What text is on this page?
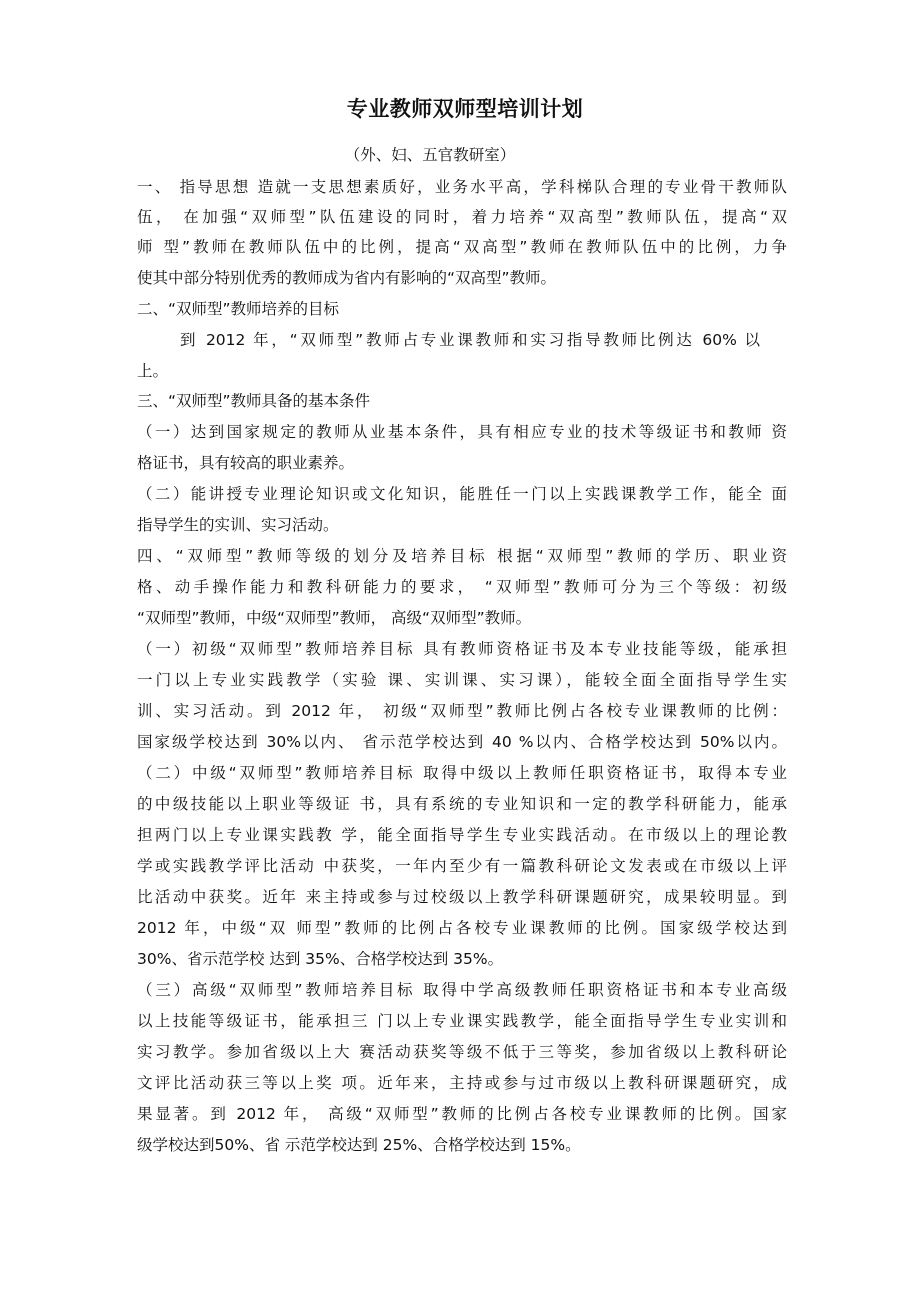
专业教师双师型培训计划
（外、妇、五官教研室）
一、 指导思想 造就一支思想素质好，业务水平高，学科梯队合理的专业骨干教师队
伍， 在加强“双师型”队伍建设的同时，着力培养“双高型”教师队伍，提高“双
师 型”教师在教师队伍中的比例，提高“双高型”教师在教师队伍中的比例，力争
使其中部分特别优秀的教师成为省内有影响的“双高型”教师。
二、“双师型”教师培养的目标
到 2012 年，“双师型”教师占专业课教师和实习指导教师比例达 60% 以
上。
三、“双师型”教师具备的基本条件
（一）达到国家规定的教师从业基本条件，具有相应专业的技术等级证书和教师 资
格证书，具有较高的职业素养。
（二）能讲授专业理论知识或文化知识，能胜任一门以上实践课教学工作，能全 面
指导学生的实训、实习活动。
四、“双师型”教师等级的划分及培养目标 根据“双师型”教师的学历、职业资
格、动手操作能力和教科研能力的要求， “双师型”教师可分为三个等级：初级
“双师型”教师，中级“双师型”教师， 高级“双师型”教师。
（一）初级“双师型”教师培养目标 具有教师资格证书及本专业技能等级，能承担
一门以上专业实践教学（实验 课、实训课、实习课），能较全面全面指导学生实
训、实习活动。到 2012 年， 初级“双师型”教师比例占各校专业课教师的比例：
国家级学校达到 30%以内、 省示范学校达到 40 %以内、合格学校达到 50%以内。
（二）中级“双师型”教师培养目标 取得中级以上教师任职资格证书，取得本专业
的中级技能以上职业等级证 书，具有系统的专业知识和一定的教学科研能力，能承
担两门以上专业课实践教 学，能全面指导学生专业实践活动。在市级以上的理论教
学或实践教学评比活动 中获奖，一年内至少有一篇教科研论文发表或在市级以上评
比活动中获奖。近年 来主持或参与过校级以上教学科研课题研究，成果较明显。到
2012 年，中级“双 师型”教师的比例占各校专业课教师的比例。国家级学校达到
30%、省示范学校 达到 35%、合格学校达到 35%。
（三）高级“双师型”教师培养目标 取得中学高级教师任职资格证书和本专业高级
以上技能等级证书，能承担三 门以上专业课实践教学，能全面指导学生专业实训和
实习教学。参加省级以上大 赛活动获奖等级不低于三等奖，参加省级以上教科研论
文评比活动获三等以上奖 项。近年来，主持或参与过市级以上教科研课题研究，成
果显著。到 2012 年， 高级“双师型”教师的比例占各校专业课教师的比例。国家
级学校达到50%、省 示范学校达到 25%、合格学校达到 15%。
